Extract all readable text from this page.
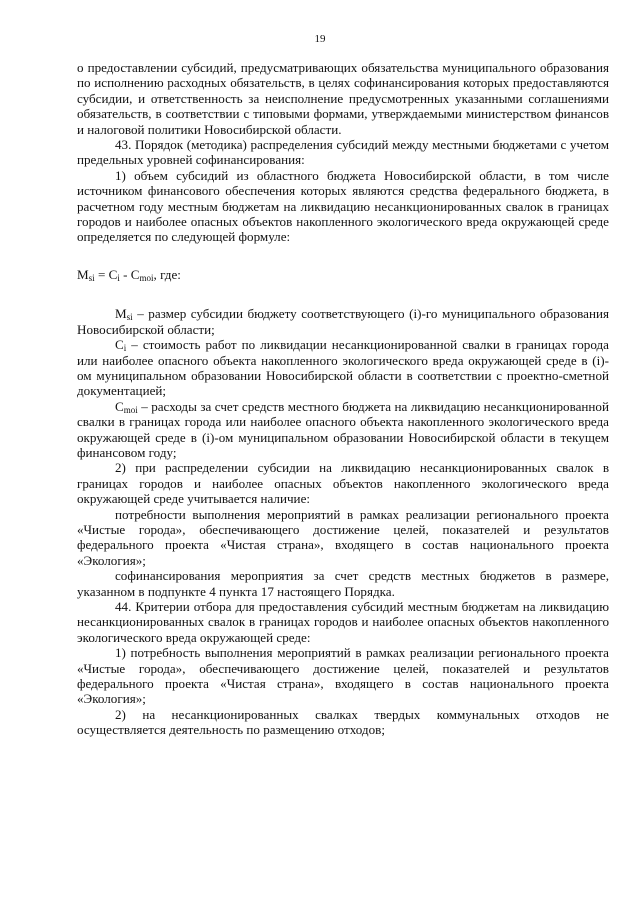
19

о предоставлении субсидий, предусматривающих обязательства муниципального образования по исполнению расходных обязательств, в целях софинансирования которых предоставляются субсидии, и ответственность за неисполнение предусмотренных указанными соглашениями обязательств, в соответствии с типовыми формами, утверждаемыми министерством финансов и налоговой политики Новосибирской области.

43. Порядок (методика) распределения субсидий между местными бюджетами с учетом предельных уровней софинансирования:

1) объем субсидий из областного бюджета Новосибирской области, в том числе источником финансового обеспечения которых являются средства федерального бюджета, в расчетном году местным бюджетам на ликвидацию несанкционированных свалок в границах городов и наиболее опасных объектов накопленного экологического вреда окружающей среде определяется по следующей формуле:

$M_{si} = C_i - C_{moi}$, где:

$M_{si}$ – размер субсидии бюджету соответствующего (i)-го муниципального образования Новосибирской области;

$C_i$ – стоимость работ по ликвидации несанкционированной свалки в границах города или наиболее опасного объекта накопленного экологического вреда окружающей среде в (i)-ом муниципальном образовании Новосибирской области в соответствии с проектно-сметной документацией;

$C_{moi}$ – расходы за счет средств местного бюджета на ликвидацию несанкционированной свалки в границах города или наиболее опасного объекта накопленного экологического вреда окружающей среде в (i)-ом муниципальном образовании Новосибирской области в текущем финансовом году;

2) при распределении субсидии на ликвидацию несанкционированных свалок в границах городов и наиболее опасных объектов накопленного экологического вреда окружающей среде учитывается наличие:

потребности выполнения мероприятий в рамках реализации регионального проекта «Чистые города», обеспечивающего достижение целей, показателей и результатов федерального проекта «Чистая страна», входящего в состав национального проекта «Экология»;

софинансирования мероприятия за счет средств местных бюджетов в размере, указанном в подпункте 4 пункта 17 настоящего Порядка.

44. Критерии отбора для предоставления субсидий местным бюджетам на ликвидацию несанкционированных свалок в границах городов и наиболее опасных объектов накопленного экологического вреда окружающей среде:

1) потребность выполнения мероприятий в рамках реализации регионального проекта «Чистые города», обеспечивающего достижение целей, показателей и результатов федерального проекта «Чистая страна», входящего в состав национального проекта «Экология»;

2) на несанкционированных свалках твердых коммунальных отходов не осуществляется деятельность по размещению отходов;
